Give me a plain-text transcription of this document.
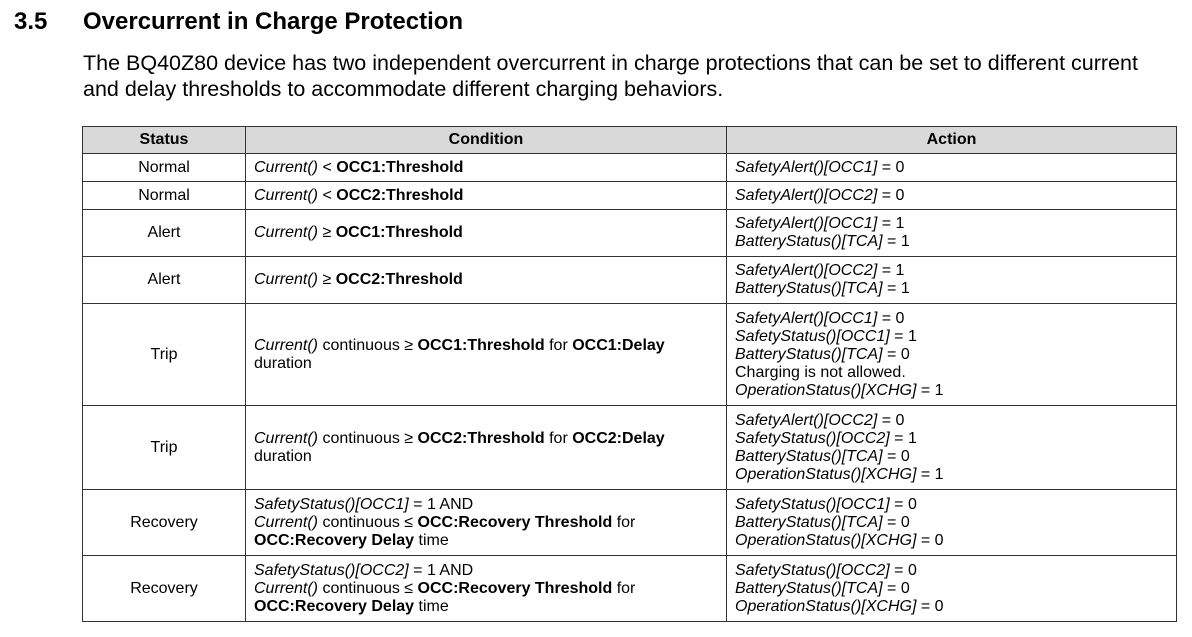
3.5 Overcurrent in Charge Protection
The BQ40Z80 device has two independent overcurrent in charge protections that can be set to different current and delay thresholds to accommodate different charging behaviors.
Status	Condition	Action
Normal	Current() < OCC1:Threshold	SafetyAlert()[OCC1] = 0

Normal	Current() < OCC2:Threshold	SafetyAlert()[OCC2] = 0

Alert	Current() ≥ OCC1:Threshold	SafetyAlert()[OCC1] = 1
BatteryStatus()[TCA] = 1

Alert	Current() ≥ OCC2:Threshold	SafetyAlert()[OCC2] = 1
BatteryStatus()[TCA] = 1

Trip	Current() continuous ≥ OCC1:Threshold for OCC1:Delay
duration	SafetyAlert()[OCC1] = 0
SafetyStatus()[OCC1] = 1
BatteryStatus()[TCA] = 0
Charging is not allowed.
OperationStatus()[XCHG] = 1

Trip	Current() continuous ≥ OCC2:Threshold for OCC2:Delay
duration	SafetyAlert()[OCC2] = 0
SafetyStatus()[OCC2] = 1
BatteryStatus()[TCA] = 0
OperationStatus()[XCHG] = 1

Recovery	SafetyStatus()[OCC1] = 1 AND
Current() continuous ≤ OCC:Recovery Threshold for
OCC:Recovery Delay time	SafetyStatus()[OCC1] = 0
BatteryStatus()[TCA] = 0
OperationStatus()[XCHG] = 0

Recovery	SafetyStatus()[OCC2] = 1 AND
Current() continuous ≤ OCC:Recovery Threshold for
OCC:Recovery Delay time	SafetyStatus()[OCC2] = 0
BatteryStatus()[TCA] = 0
OperationStatus()[XCHG] = 0
